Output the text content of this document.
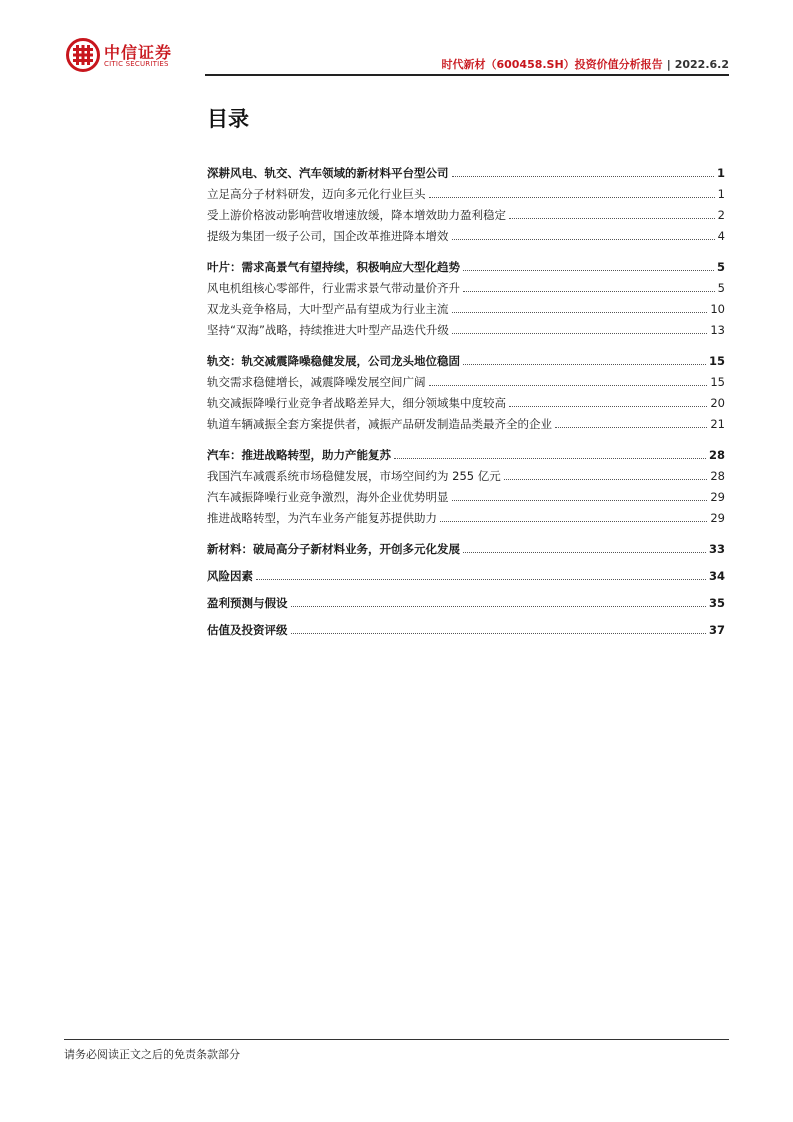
中信证券
CITIC SECURITIES	时代新材（600458.SH）投资价值分析报告 | 2022.6.2
目录
深耕风电、轨交、汽车领域的新材料平台型公司	1
立足高分子材料研发，迈向多元化行业巨头	1
受上游价格波动影响营收增速放缓，降本增效助力盈利稳定	2
提级为集团一级子公司，国企改革推进降本增效	4
叶片：需求高景气有望持续，积极响应大型化趋势	5
风电机组核心零部件，行业需求景气带动量价齐升	5
双龙头竞争格局，大叶型产品有望成为行业主流	10
坚持“双海”战略，持续推进大叶型产品迭代升级	13
轨交：轨交减震降噪稳健发展，公司龙头地位稳固	15
轨交需求稳健增长，减震降噪发展空间广阔	15
轨交减振降噪行业竞争者战略差异大，细分领域集中度较高	20
轨道车辆减振全套方案提供者，减振产品研发制造品类最齐全的企业	21
汽车：推进战略转型，助力产能复苏	28
我国汽车减震系统市场稳健发展，市场空间约为 255 亿元	28
汽车减振降噪行业竞争激烈，海外企业优势明显	29
推进战略转型，为汽车业务产能复苏提供助力	29
新材料：破局高分子新材料业务，开创多元化发展	33
风险因素	34
盈利预测与假设	35
估值及投资评级	37
请务必阅读正文之后的免责条款部分
